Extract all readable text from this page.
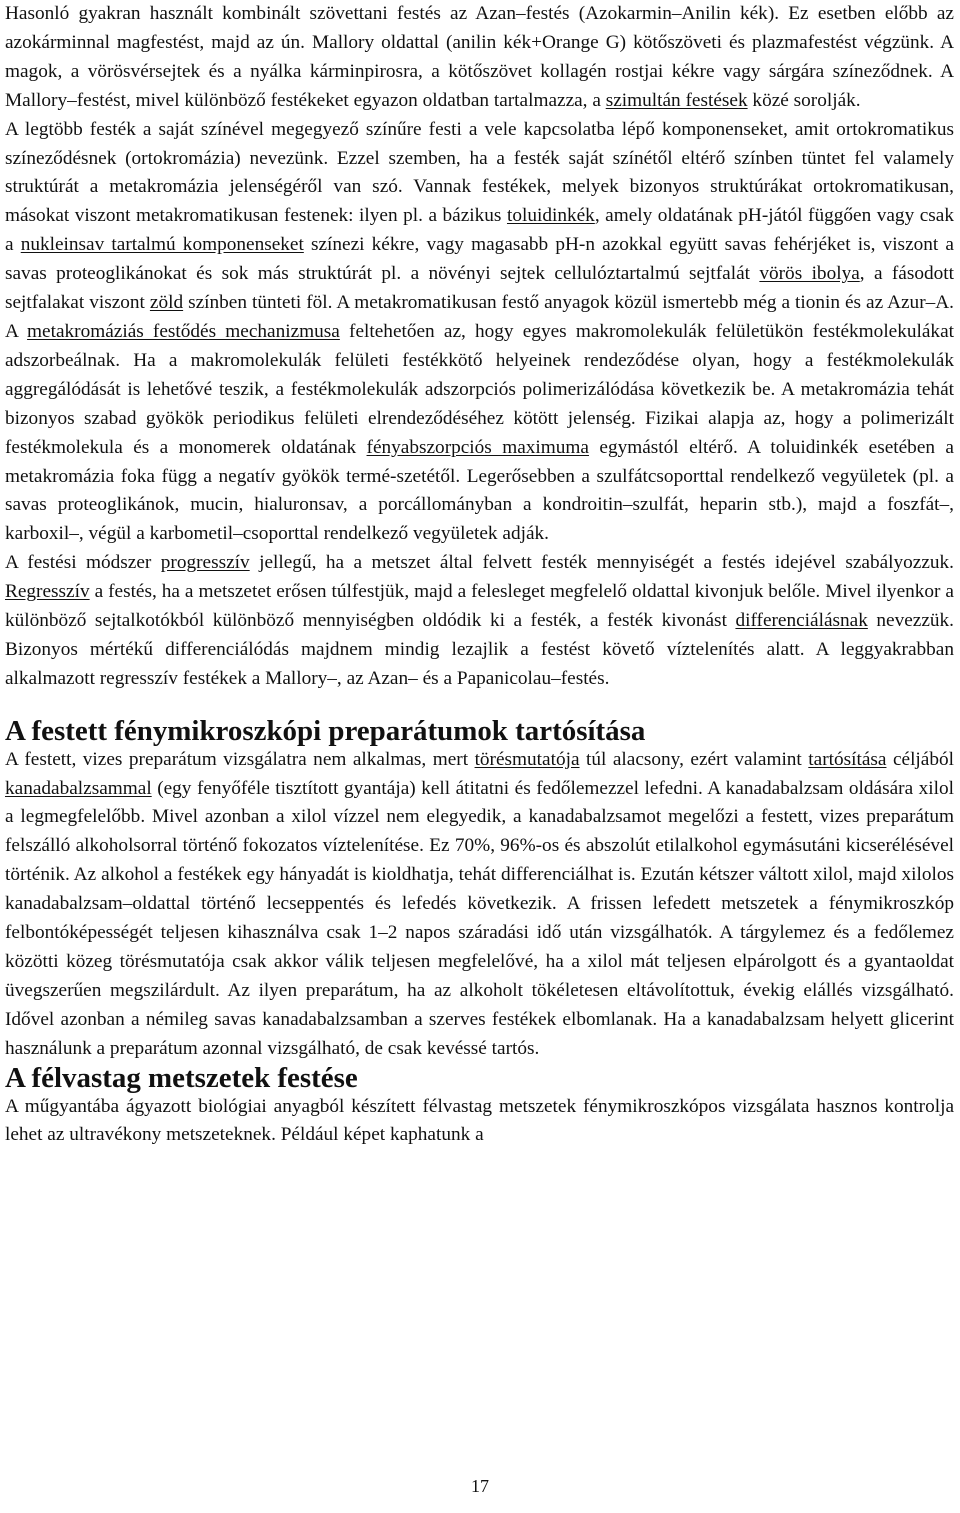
Hasonló gyakran használt kombinált szövettani festés az Azan–festés (Azokarmin–Anilin kék). Ez esetben előbb az azokárminnal magfestést, majd az ún. Mallory oldattal (anilin kék+Orange G) kötőszöveti és plazmafestést végzünk. A magok, a vörösvérsejtek és a nyálka kárminpirosra, a kötőszövet kollagén rostjai kékre vagy sárgára színeződnek. A Mallory–festést, mivel különböző festékeket egyazon oldatban tartalmazza, a szimultán festések közé sorolják.

A legtöbb festék a saját színével megegyező színűre festi a vele kapcsolatba lépő komponenseket, amit ortokromatikus színeződésnek (ortokromázia) nevezünk. Ezzel szemben, ha a festék saját színétől eltérő színben tüntet fel valamely struktúrát a metakromázia jelenségéről van szó. Vannak festékek, melyek bizonyos struktúrákat ortokromatikusan, másokat viszont metakromatikusan festenek: ilyen pl. a bázikus toluidinkék, amely oldatának pH-jától függően vagy csak a nukleinsav tartalmú komponenseket színezi kékre, vagy magasabb pH-n azokkal együtt savas fehérjéket is, viszont a savas proteoglikánokat és sok más struktúrát pl. a növényi sejtek cellulóztartalmú sejtfalát vörös ibolya, a fásodott sejtfalakat viszont zöld színben tünteti föl. A metakromatikusan festő anyagok közül ismertebb még a tionin és az Azur–A. A metakromáziás festődés mechanizmusa feltehetően az, hogy egyes makromolekulák felületükön festékmolekulákat adszorbeálnak. Ha a makromolekulák felületi festékkötő helyeinek rendeződése olyan, hogy a festékmolekulák aggregálódását is lehetővé teszik, a festékmolekulák adszorpciós polimerizálódása következik be. A metakromázia tehát bizonyos szabad gyökök periodikus felületi elrendeződéséhez kötött jelenség. Fizikai alapja az, hogy a polimerizált festékmolekula és a monomerek oldatának fényabszorpciós maximuma egymástól eltérő. A toluidinkék esetében a metakromázia foka függ a negatív gyökök termé-szetétől. Legerősebben a szulfátcsoporttal rendelkező vegyületek (pl. a savas proteoglikánok, mucin, hialuronsav, a porcállományban a kondroitin–szulfát, heparin stb.), majd a foszfát–, karboxil–, végül a karbometil–csoporttal rendelkező vegyületek adják.

A festési módszer progresszív jellegű, ha a metszet által felvett festék mennyiségét a festés idejével szabályozzuk. Regresszív a festés, ha a metszetet erősen túlfestjük, majd a felesleget megfelelő oldattal kivonjuk belőle. Mivel ilyenkor a különböző sejtalkotókból különböző mennyiségben oldódik ki a festék, a festék kivonást differenciálásnak nevezzük. Bizonyos mértékű differenciálódás majdnem mindig lezajlik a festést követő víztelenítés alatt. A leggyakrabban alkalmazott regresszív festékek a Mallory–, az Azan– és a Papanicolau–festés.

A festett fénymikroszkópi preparátumok tartósítása

A festett, vizes preparátum vizsgálatra nem alkalmas, mert törésmutatója túl alacsony, ezért valamint tartósítása céljából kanadabalzsammal (egy fenyőféle tisztított gyantája) kell átitatni és fedőlemezzel lefedni. A kanadabalzsam oldására xilol a legmegfelelőbb. Mivel azonban a xilol vízzel nem elegyedik, a kanadabalzsamot megelőzi a festett, vizes preparátum felszálló alkoholsorral történő fokozatos víztelenítése. Ez 70%, 96%-os és abszolút etilalkohol egymásutáni kicserélésével történik. Az alkohol a festékek egy hányadát is kioldhatja, tehát differenciálhat is. Ezután kétszer váltott xilol, majd xilolos kanadabalzsam–oldattal történő lecseppentés és lefedés következik. A frissen lefedett metszetek a fénymikroszkóp felbontóképességét teljesen kihasználva csak 1–2 napos száradási idő után vizsgálhatók. A tárgylemez és a fedőlemez közötti közeg törésmutatója csak akkor válik teljesen megfelelővé, ha a xilol mát teljesen elpárolgott és a gyantaoldat üvegszerűen megszilárdult. Az ilyen preparátum, ha az alkoholt tökéletesen eltávolítottuk, évekig elállés vizsgálható. Idővel azonban a némileg savas kanadabalzsamban a szerves festékek elbomlanak. Ha a kanadabalzsam helyett glicerint használunk a preparátum azonnal vizsgálható, de csak kevéssé tartós.

A félvastag metszetek festése

A műgyantába ágyazott biológiai anyagból készített félvastag metszetek fénymikroszkópos vizsgálata hasznos kontrolja lehet az ultravékony metszeteknek. Például képet kaphatunk a

17
